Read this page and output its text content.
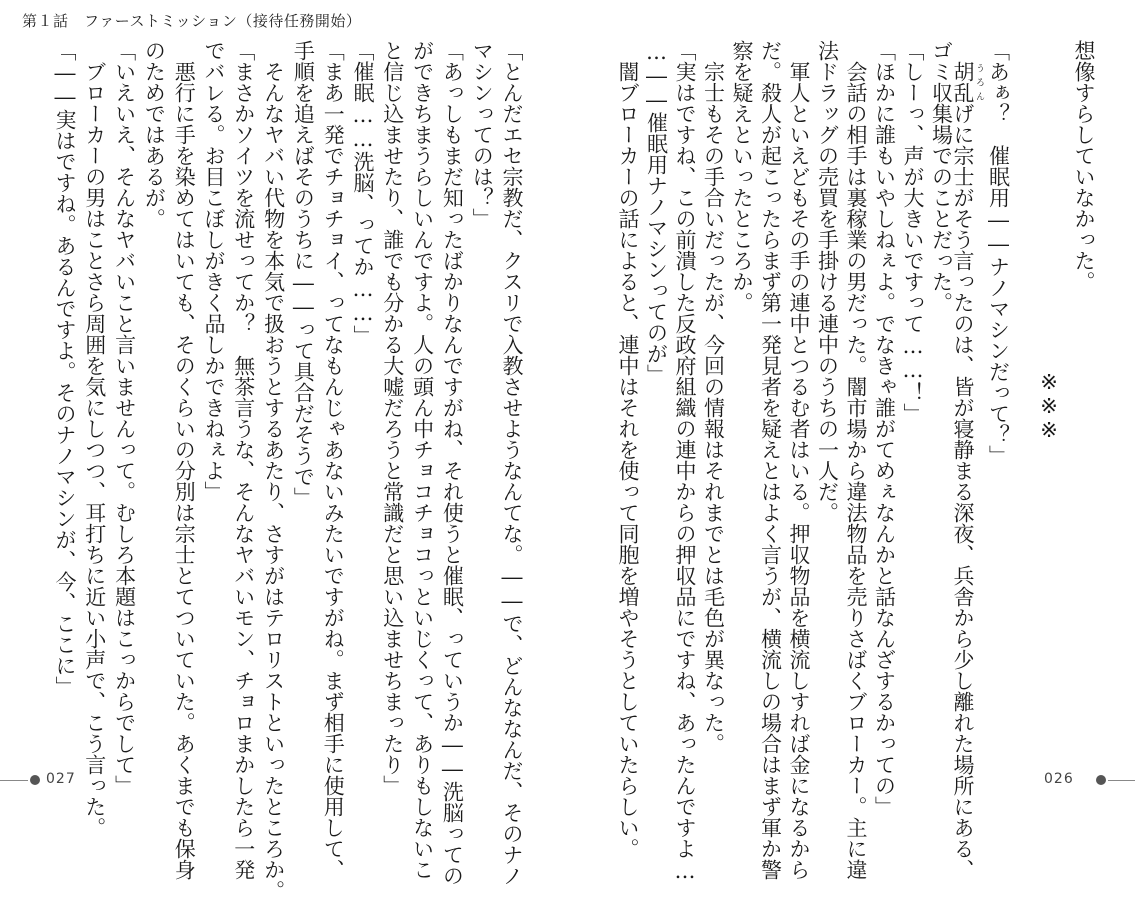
第１話　ファーストミッション（接待任務開始）
想像すらしていなかった。
「あぁ？　催眠用――ナノマシンだって？」
　胡乱 うろんげに宗士がそう言ったのは、皆が寝静まる深夜、兵舎から少し離れた場所にある、
ゴミ収集場でのことだった。
「しーっ、声が大きいですって……！」
「ほかに誰もいやしねぇよ。でなきゃ誰がてめぇなんかと話なんざするかっての」
　会話の相手は裏稼業の男だった。闇市場から違法物品を売りさばくブローカー。主に違
法ドラッグの売買を手掛ける連中のうちの一人だ。
　軍人といえどもその手の連中とつるむ者はいる。押収物品を横流しすれば金になるから
だ。殺人が起こったらまず第一発見者を疑えとはよく言うが、横流しの場合はまず軍か警
察を疑えといったところか。
　宗士もその手合いだったが、今回の情報はそれまでとは毛色が異なった。
「実はですね、この前潰した反政府組織の連中からの押収品にですね、あったんですよ…
…――催眠用ナノマシンってのが」
　闇ブローカーの話によると、連中はそれを使って同胞を増やそうとしていたらしい。	※※※
「とんだエセ宗教だ、クスリで入教させようなんてな。――で、どんななんだ、そのナノ
マシンってのは？」
「あっしもまだ知ったばかりなんですがね、それ使うと催眠、っていうか――洗脳っての
ができちまうらしいんですよ。人の頭ん中チョコチョコっといじくって、ありもしないこ
と信じ込ませたり、誰でも分かる大嘘だろうと常識だと思い込ませちまったり」
「催眠……洗脳、ってか……」
「まあ一発でチョチョイ、ってなもんじゃあないみたいですがね。まず相手に使用して、
手順を追えばそのうちに――って具合だそうで」
　そんなヤバい代物を本気で扱おうとするあたり、さすがはテロリストといったところか。
「まさかソイツを流せってか？　無茶言うな、そんなヤバいモン、チョロまかしたら一発
でバレる。お目こぼしがきく品しかできねぇよ」
　悪行に手を染めてはいても、そのくらいの分別は宗士とてついていた。あくまでも保身
のためではあるが。
「いえいえ、そんなヤバいこと言いませんって。むしろ本題はこっからでして」
　ブローカーの男はことさら周囲を気にしつつ、耳打ちに近い小声で、こう言った。
「――実はですね。あるんですよ。そのナノマシンが、今、ここに」
027	026
